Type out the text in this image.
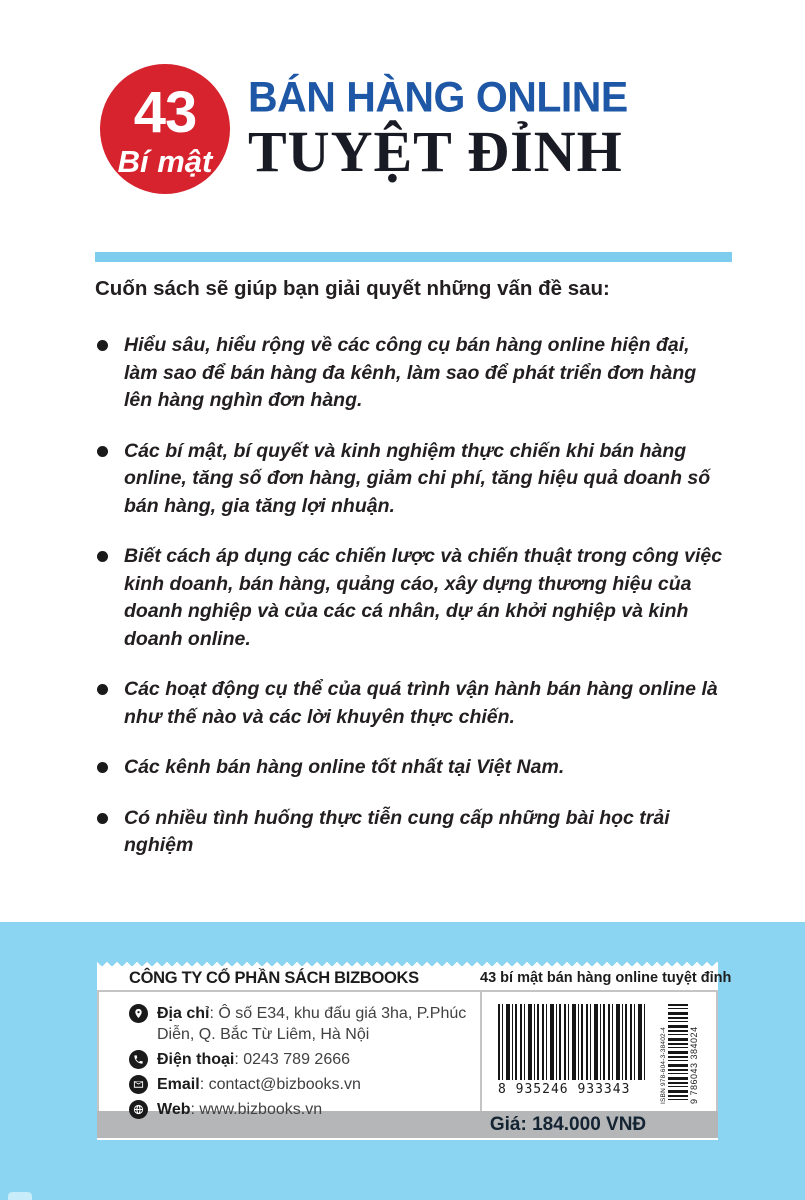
43
Bí mật
BÁN HÀNG ONLINE
TUYỆT ĐỈNH
Cuốn sách sẽ giúp bạn giải quyết những vấn đề sau:
Hiểu sâu, hiểu rộng về các công cụ bán hàng online hiện đại, làm sao để bán hàng đa kênh, làm sao để phát triển đơn hàng lên hàng nghìn đơn hàng.
Các bí mật, bí quyết và kinh nghiệm thực chiến khi bán hàng online, tăng số đơn hàng, giảm chi phí, tăng hiệu quả doanh số bán hàng, gia tăng lợi nhuận.
Biết cách áp dụng các chiến lược và chiến thuật trong công việc kinh doanh, bán hàng, quảng cáo, xây dựng thương hiệu của doanh nghiệp và của các cá nhân, dự án khởi nghiệp và kinh doanh online.
Các hoạt động cụ thể của quá trình vận hành bán hàng online là như thế nào và các lời khuyên thực chiến.
Các kênh bán hàng online tốt nhất tại Việt Nam.
Có nhiều tình huống thực tiễn cung cấp những bài học trải nghiệm
CÔNG TY CỔ PHẦN SÁCH BIZBOOKS	43 bí mật bán hàng online tuyệt đỉnh
Địa chỉ: Ô số E34, khu đấu giá 3ha, P.Phúc Diễn, Q. Bắc Từ Liêm, Hà Nội
Điện thoại: 0243 789 2666
Email: contact@bizbooks.vn
Web: www.bizbooks.vn
8 935246 933343	ISBN 978-604-3-38402-4 9 786043 384024
Giá: 184.000 VNĐ
